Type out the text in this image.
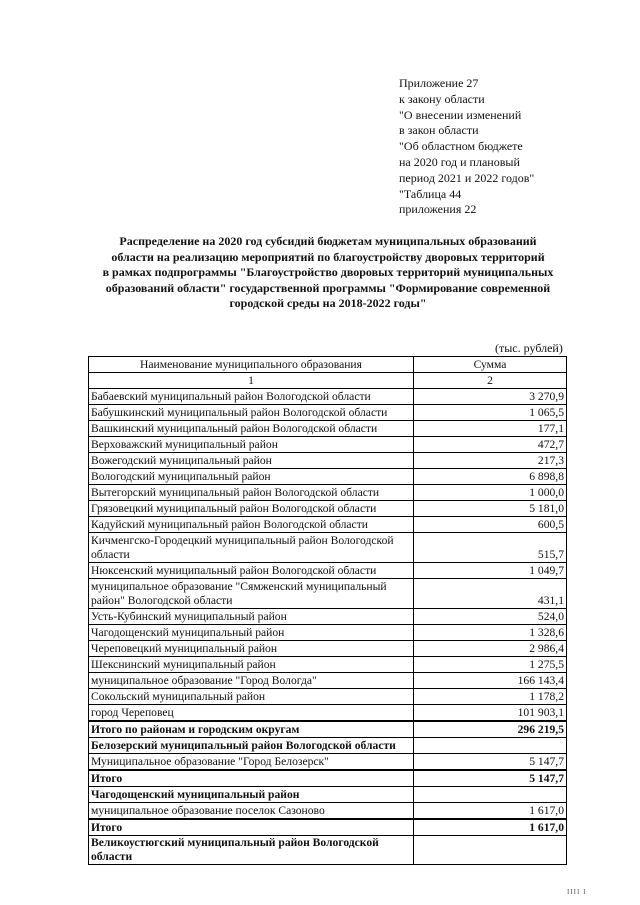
Приложение 27
к закону области
"О внесении изменений
в закон области
"Об областном бюджете
на 2020 год и плановый
период 2021 и 2022 годов"
"Таблица 44
приложения 22
Распределение на 2020 год субсидий бюджетам муниципальных образований
области на реализацию мероприятий по благоустройству дворовых территорий
в рамках подпрограммы "Благоустройство дворовых территорий муниципальных
образований области" государственной программы "Формирование современной
городской среды на 2018-2022 годы"
(тыс. рублей)
Наименование муниципального образования	Сумма
1	2
Бабаевский муниципальный район Вологодской области	3 270,9
Бабушкинский муниципальный район Вологодской области	1 065,5
Вашкинский муниципальный район Вологодской области	177,1
Верховажский муниципальный район	472,7
Вожегодский муниципальный район	217,3
Вологодский муниципальный район	6 898,8
Вытегорский муниципальный район Вологодской области	1 000,0
Грязовецкий муниципальный район Вологодской области	5 181,0
Кадуйский муниципальный район Вологодской области	600,5

Кичменгско-Городецкий муниципальный район Вологодской
области	515,7
Нюксенский муниципальный район Вологодской области	1 049,7

муниципальное образование "Сямженский муниципальный
район" Вологодской области	431,1
Усть-Кубинский муниципальный район	524,0
Чагодощенский муниципальный район	1 328,6
Череповецкий муниципальный район	2 986,4
Шекснинский муниципальный район	1 275,5
муниципальное образование "Город Вологда"	166 143,4
Сокольский муниципальный район	1 178,2
город Череповец	101 903,1
Итого по районам и городским округам	296 219,5
Белозерский муниципальный район Вологодской области	
Муниципальное образование "Город Белозерск"	5 147,7
Итого	5 147,7
Чагодощенский муниципальный район	
муниципальное образование поселок Сазоново	1 617,0
Итого	1 617,0
Великоустюгский муниципальный район Вологодской области	
ІІІІ І
